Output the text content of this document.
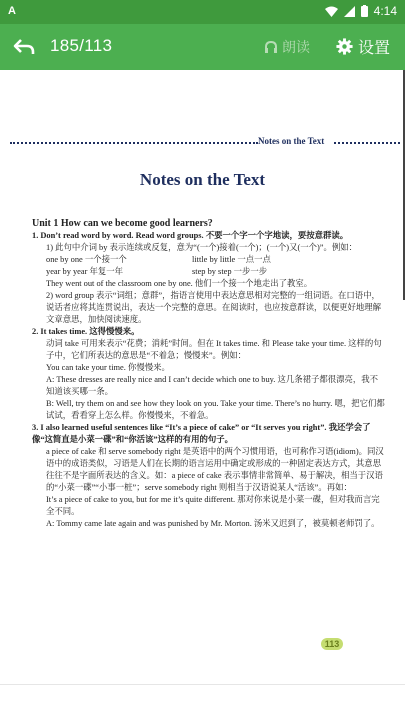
A	4:14
185/113	朗读	设置
Notes on the Text
Notes on the Text

Unit 1 How can we become good learners?

1. Don’t read word by word. Read word groups. 不要一个字一个字地读，要按意群读。

1) 此句中介词 by 表示连续或反复，意为“(一个)接着(一个)；(一个)又(一个)”。例如：

one by one 一个接一个	little by little 一点一点
year by year 年复一年	step by step 一步一步

They went out of the classroom one by one. 他们一个接一个地走出了教室。

2) word group 表示“词组；意群”，指语言使用中表达意思相对完整的一组词语。在口语中，说话者应将其连贯说出，表达一个完整的意思。在阅读时，也应按意群读，以便更好地理解文章意思，加快阅读速度。

2. It takes time. 这得慢慢来。

动词 take 可用来表示“花费；消耗”时间。但在 It takes time. 和 Please take your time. 这样的句子中，它们所表达的意思是“不着急；慢慢来”。例如：

You can take your time. 你慢慢来。

A: These dresses are really nice and I can’t decide which one to buy. 这几条裙子都很漂亮，我不知道该买哪一条。

B: Well, try them on and see how they look on you. Take your time. There’s no hurry. 嗯，把它们都试试，看看穿上怎么样。你慢慢来，不着急。

3. I also learned useful sentences like “It’s a piece of cake” or “It serves you right”. 我还学会了像“这简直是小菜一碟”和“你活该”这样的有用的句子。

a piece of cake 和 serve somebody right 是英语中的两个习惯用语，也可称作习语(idiom)。同汉语中的成语类似，习语是人们在长期的语言运用中确定或形成的一种固定表达方式，其意思往往不是字面所表达的含义。如：a piece of cake 表示事情非常简单、易于解决，相当于汉语的“小菜一碟”“小事一桩”；serve somebody right 则相当于汉语说某人“活该”。再如：

It’s a piece of cake to you, but for me it’s quite different. 那对你来说是小菜一碟，但对我而言完全不同。

A: Tommy came late again and was punished by Mr. Morton. 汤米又迟到了，被莫顿老师罚了。

113
